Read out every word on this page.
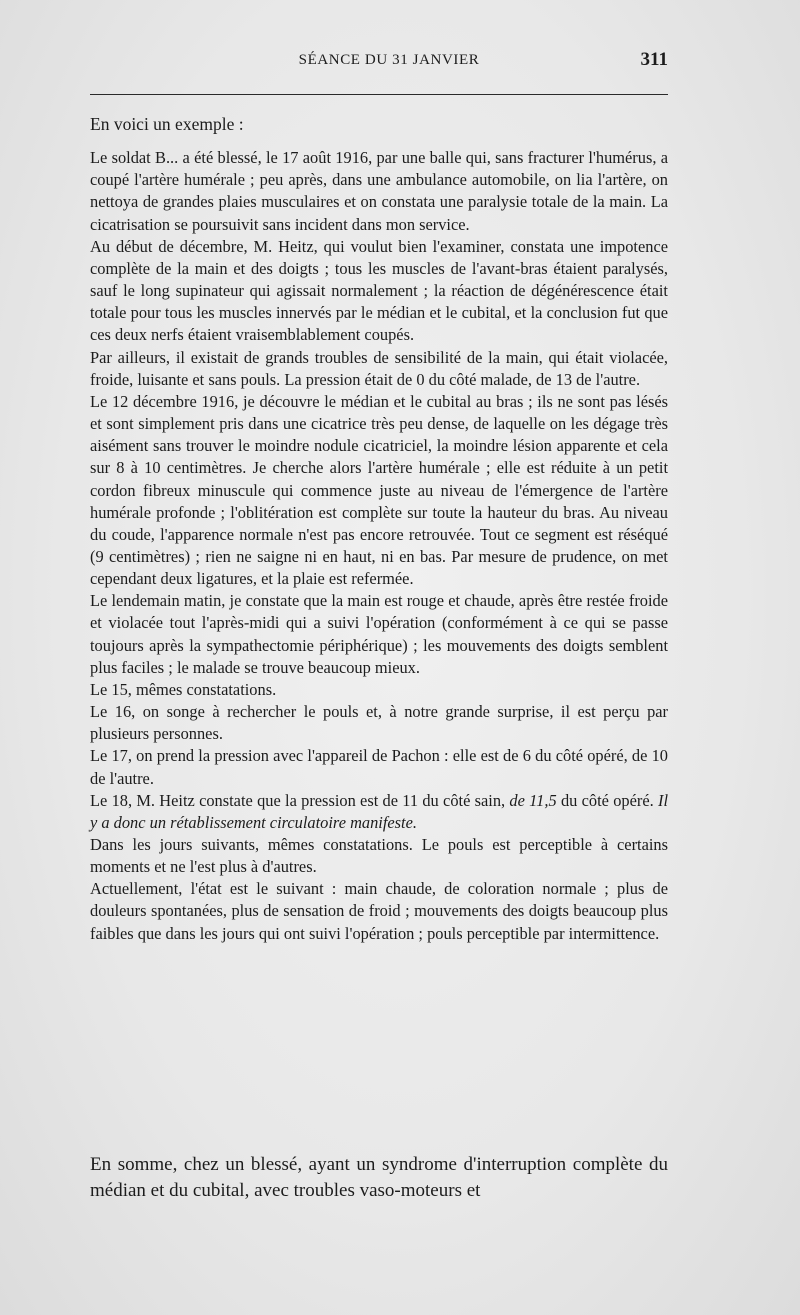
SÉANCE DU 31 JANVIER	311

En voici un exemple :

Le soldat B... a été blessé, le 17 août 1916, par une balle qui, sans fracturer l'humérus, a coupé l'artère humérale ; peu après, dans une ambulance automobile, on lia l'artère, on nettoya de grandes plaies musculaires et on constata une paralysie totale de la main. La cicatrisation se poursuivit sans incident dans mon service.

Au début de décembre, M. Heitz, qui voulut bien l'examiner, constata une impotence complète de la main et des doigts ; tous les muscles de l'avant-bras étaient paralysés, sauf le long supinateur qui agissait normalement ; la réaction de dégénérescence était totale pour tous les muscles innervés par le médian et le cubital, et la conclusion fut que ces deux nerfs étaient vraisemblablement coupés.

Par ailleurs, il existait de grands troubles de sensibilité de la main, qui était violacée, froide, luisante et sans pouls. La pression était de 0 du côté malade, de 13 de l'autre.

Le 12 décembre 1916, je découvre le médian et le cubital au bras ; ils ne sont pas lésés et sont simplement pris dans une cicatrice très peu dense, de laquelle on les dégage très aisément sans trouver le moindre nodule cicatriciel, la moindre lésion apparente et cela sur 8 à 10 centimètres. Je cherche alors l'artère humérale ; elle est réduite à un petit cordon fibreux minuscule qui commence juste au niveau de l'émergence de l'artère humérale profonde ; l'oblitération est complète sur toute la hauteur du bras. Au niveau du coude, l'apparence normale n'est pas encore retrouvée. Tout ce segment est réséqué (9 centimètres) ; rien ne saigne ni en haut, ni en bas. Par mesure de prudence, on met cependant deux ligatures, et la plaie est refermée.

Le lendemain matin, je constate que la main est rouge et chaude, après être restée froide et violacée tout l'après-midi qui a suivi l'opération (conformément à ce qui se passe toujours après la sympathectomie périphérique) ; les mouvements des doigts semblent plus faciles ; le malade se trouve beaucoup mieux.

Le 15, mêmes constatations.

Le 16, on songe à rechercher le pouls et, à notre grande surprise, il est perçu par plusieurs personnes.

Le 17, on prend la pression avec l'appareil de Pachon : elle est de 6 du côté opéré, de 10 de l'autre.

Le 18, M. Heitz constate que la pression est de 11 du côté sain, de 11,5 du côté opéré. Il y a donc un rétablissement circulatoire manifeste.

Dans les jours suivants, mêmes constatations. Le pouls est perceptible à certains moments et ne l'est plus à d'autres.

Actuellement, l'état est le suivant : main chaude, de coloration normale ; plus de douleurs spontanées, plus de sensation de froid ; mouvements des doigts beaucoup plus faibles que dans les jours qui ont suivi l'opération ; pouls perceptible par intermittence.

En somme, chez un blessé, ayant un syndrome d'interruption complète du médian et du cubital, avec troubles vaso-moteurs et
